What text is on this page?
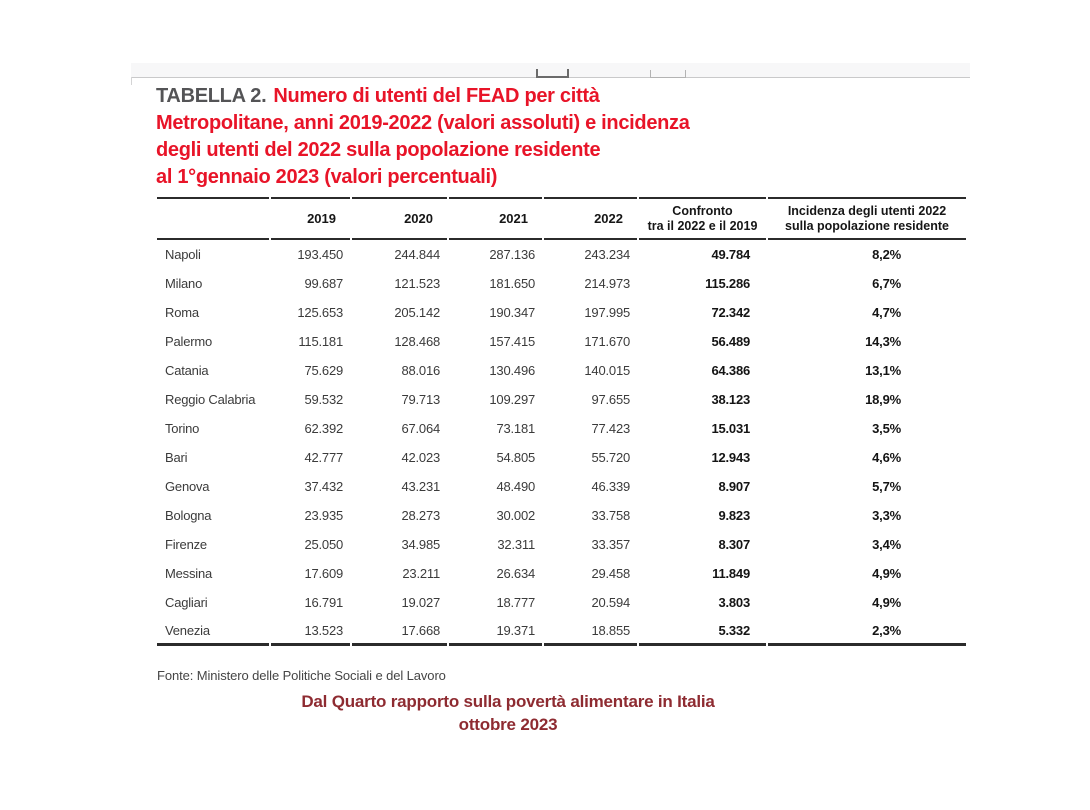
TABELLA 2. Numero di utenti del FEAD per città
Metropolitane, anni 2019-2022 (valori assoluti) e incidenza
degli utenti del 2022 sulla popolazione residente
al 1°gennaio 2023 (valori percentuali)
	2019	2020	2021	2022	Confronto
tra il 2022 e il 2019	Incidenza degli utenti 2022
sulla popolazione residente
Napoli	193.450	244.844	287.136	243.234	49.784	8,2%
Milano	99.687	121.523	181.650	214.973	115.286	6,7%
Roma	125.653	205.142	190.347	197.995	72.342	4,7%
Palermo	115.181	128.468	157.415	171.670	56.489	14,3%
Catania	75.629	88.016	130.496	140.015	64.386	13,1%
Reggio Calabria	59.532	79.713	109.297	97.655	38.123	18,9%
Torino	62.392	67.064	73.181	77.423	15.031	3,5%
Bari	42.777	42.023	54.805	55.720	12.943	4,6%
Genova	37.432	43.231	48.490	46.339	8.907	5,7%
Bologna	23.935	28.273	30.002	33.758	9.823	3,3%
Firenze	25.050	34.985	32.311	33.357	8.307	3,4%
Messina	17.609	23.211	26.634	29.458	11.849	4,9%
Cagliari	16.791	19.027	18.777	20.594	3.803	4,9%
Venezia	13.523	17.668	19.371	18.855	5.332	2,3%
Fonte: Ministero delle Politiche Sociali e del Lavoro
Dal Quarto rapporto sulla povertà alimentare in Italia
ottobre 2023
